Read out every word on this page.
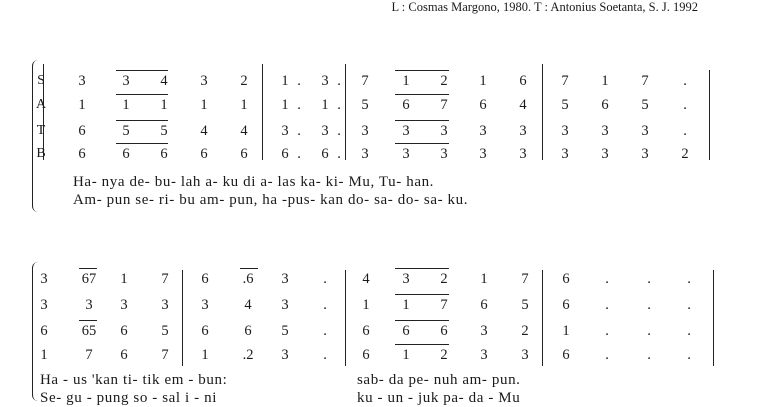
L : Cosmas Margono, 1980. T : Antonius Soetanta, S. J. 1992
S	3	3	4	3	2	1 .	3 .	7	1	2	1	6	7	1	7	.
A	1	1	1	1	1	1 .	1 .	5	6	7	6	4	5	6	5	.
T	6	5	5	4	4	3 .	3 .	3	3	3	3	3	3	3	3	.
B	6	6	6	6	6	6 .	6 .	3	3	3	3	3	3	3	3	2
Ha- nya de- bu- lah a- ku di a- las ka- ki- Mu, Tu- han.
Am- pun se- ri- bu am- pun, ha -pus- kan do- sa- do- sa- ku.
3	67	1	7	6	.6	3	.	4	3	2	1	7	6	.	.	.
3	3	3	3	3	4	3	.	1	1	7	6	5	6	.	.	.
6	65	6	5	6	6	5	.	6	6	6	3	2	1	.	.	.
1	7	6	7	1	.2	3	.	6	1	2	3	3	6	.	.	.
Ha - us 'kan ti- tik em - bun:	sab- da pe- nuh am- pun.
Se- gu - pung so - sal i - ni	ku - un - juk pa- da - Mu
